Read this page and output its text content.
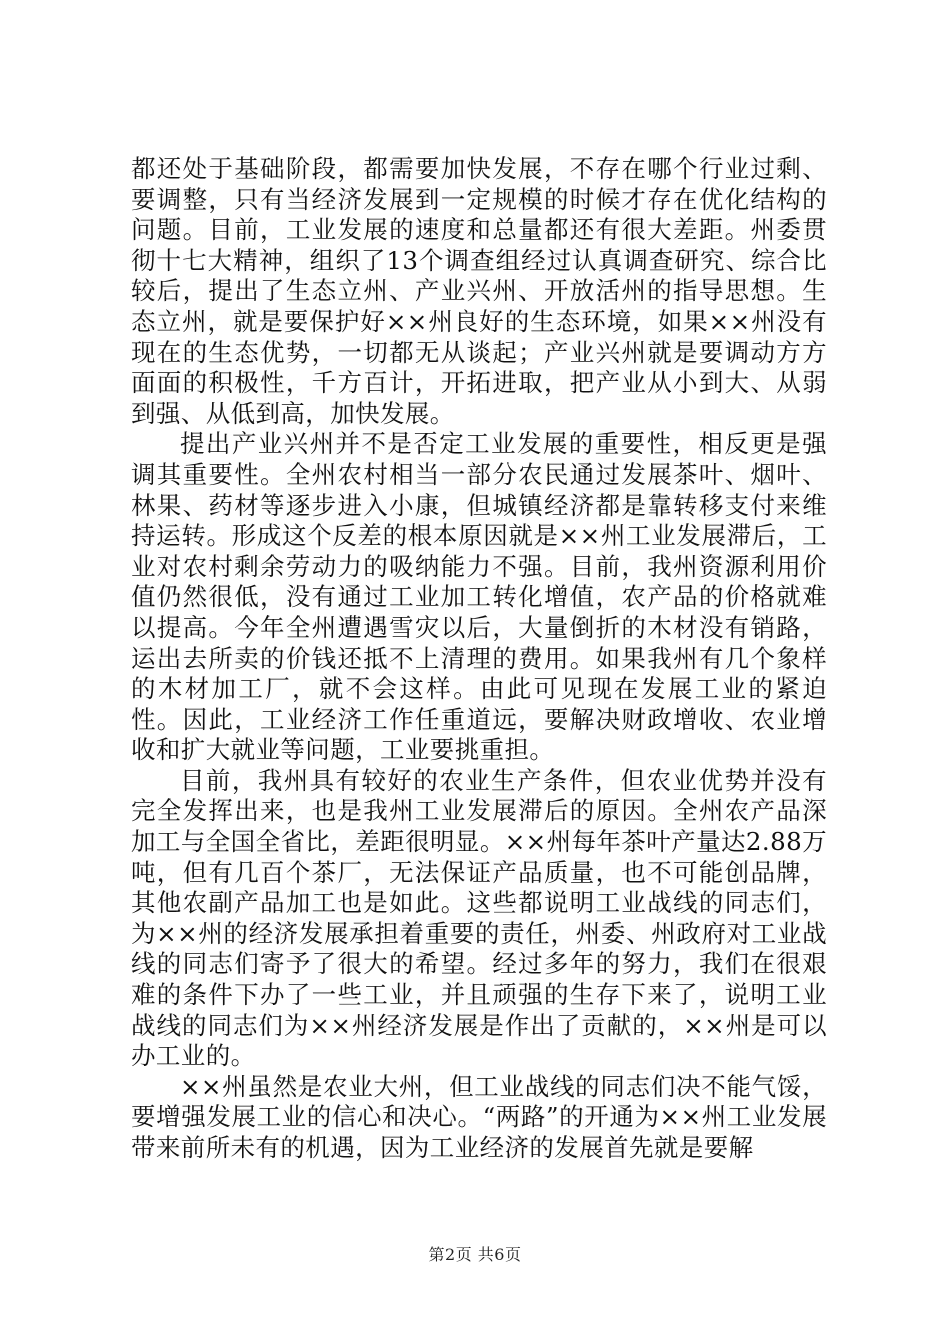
都还处于基础阶段，都需要加快发展，不存在哪个行业过剩、要调整，只有当经济发展到一定规模的时候才存在优化结构的问题。目前，工业发展的速度和总量都还有很大差距。州委贯彻十七大精神，组织了13个调查组经过认真调查研究、综合比较后，提出了生态立州、产业兴州、开放活州的指导思想。生态立州，就是要保护好××州良好的生态环境，如果××州没有现在的生态优势，一切都无从谈起；产业兴州就是要调动方方面面的积极性，千方百计，开拓进取，把产业从小到大、从弱到强、从低到高，加快发展。

提出产业兴州并不是否定工业发展的重要性，相反更是强调其重要性。全州农村相当一部分农民通过发展茶叶、烟叶、林果、药材等逐步进入小康，但城镇经济都是靠转移支付来维持运转。形成这个反差的根本原因就是××州工业发展滞后，工业对农村剩余劳动力的吸纳能力不强。目前，我州资源利用价值仍然很低，没有通过工业加工转化增值，农产品的价格就难以提高。今年全州遭遇雪灾以后，大量倒折的木材没有销路，运出去所卖的价钱还抵不上清理的费用。如果我州有几个象样的木材加工厂，就不会这样。由此可见现在发展工业的紧迫性。因此，工业经济工作任重道远，要解决财政增收、农业增收和扩大就业等问题，工业要挑重担。

目前，我州具有较好的农业生产条件，但农业优势并没有完全发挥出来，也是我州工业发展滞后的原因。全州农产品深加工与全国全省比，差距很明显。××州每年茶叶产量达2.88万吨，但有几百个茶厂，无法保证产品质量，也不可能创品牌，其他农副产品加工也是如此。这些都说明工业战线的同志们，为××州的经济发展承担着重要的责任，州委、州政府对工业战线的同志们寄予了很大的希望。经过多年的努力，我们在很艰难的条件下办了一些工业，并且顽强的生存下来了，说明工业战线的同志们为××州经济发展是作出了贡献的，××州是可以办工业的。

××州虽然是农业大州，但工业战线的同志们决不能气馁，要增强发展工业的信心和决心。“两路”的开通为××州工业发展带来前所未有的机遇，因为工业经济的发展首先就是要解

第2页 共6页
